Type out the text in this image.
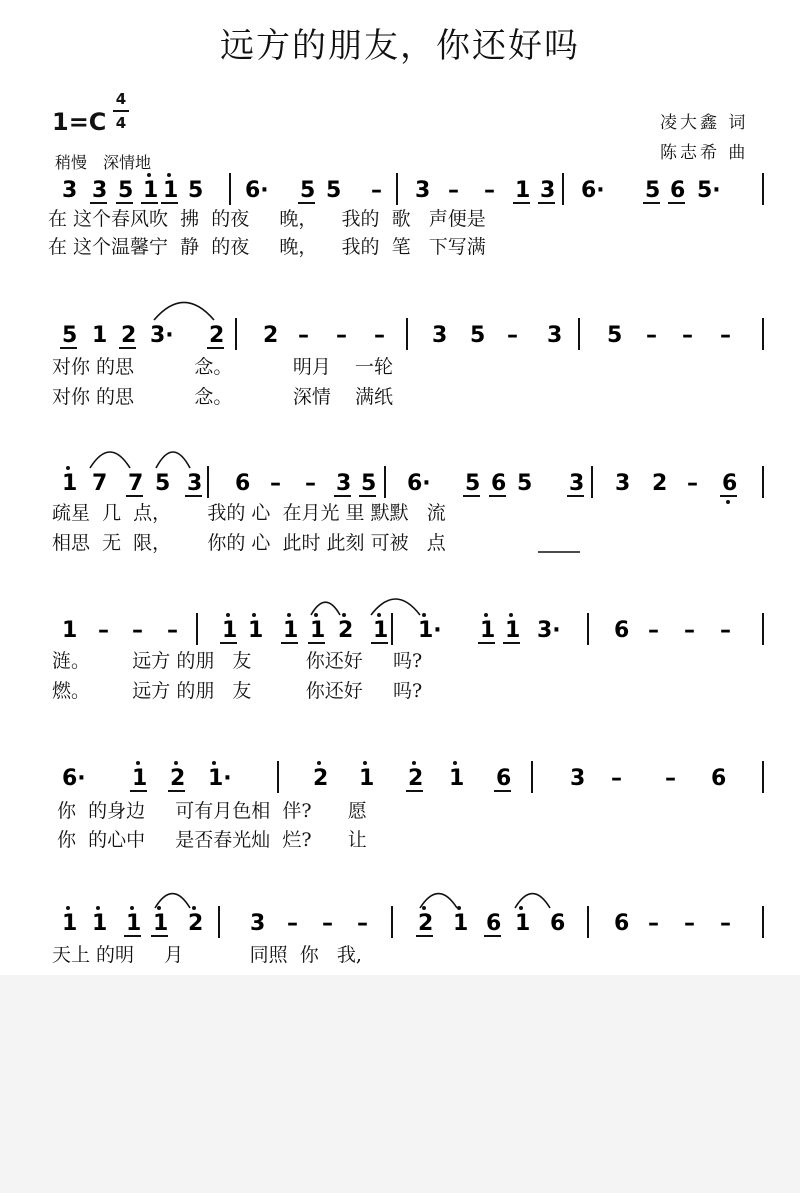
远方的朋友，你还好吗
1=C
4
4
稍慢　深情地
凌大鑫 词
陈志希 曲
3 3 5 1 1 5 6· 5 5 – 3 – – 1 3 6· 5 6 5·
5 1 2 3· 2 2 – – – 3 5 – 3 5 – – –
1 7 7 5 3 6 – – 3 5 6· 5 6 5 3 3 2 – 6
1 – – – 1 1 1 1 2 1 1· 1 1 3· 6 – – –
6· 1 2 1·	2 1 2 1 6	3 – – 6
1 1 1 1 2 3 – – – 2 1 6 1 6 6 – – –
在 这个春风吹  拂  的夜     晚，    我的  歌   声便是
在 这个温馨宁  静  的夜     晚，    我的  笔   下写满
对你 的思          念。          明月    一轮
对你 的思          念。          深情    满纸
疏星  几  点，      我的 心  在月光 里 默默   流
相思  无  限，      你的 心  此时 此刻 可被   点
涟。       远方 的朋   友         你还好     吗?
燃。       远方 的朋   友         你还好     吗?
你  的身边     可有月色相  伴?      愿
你  的心中     是否春光灿  烂?      让
天上 的明     月           同照  你   我,
